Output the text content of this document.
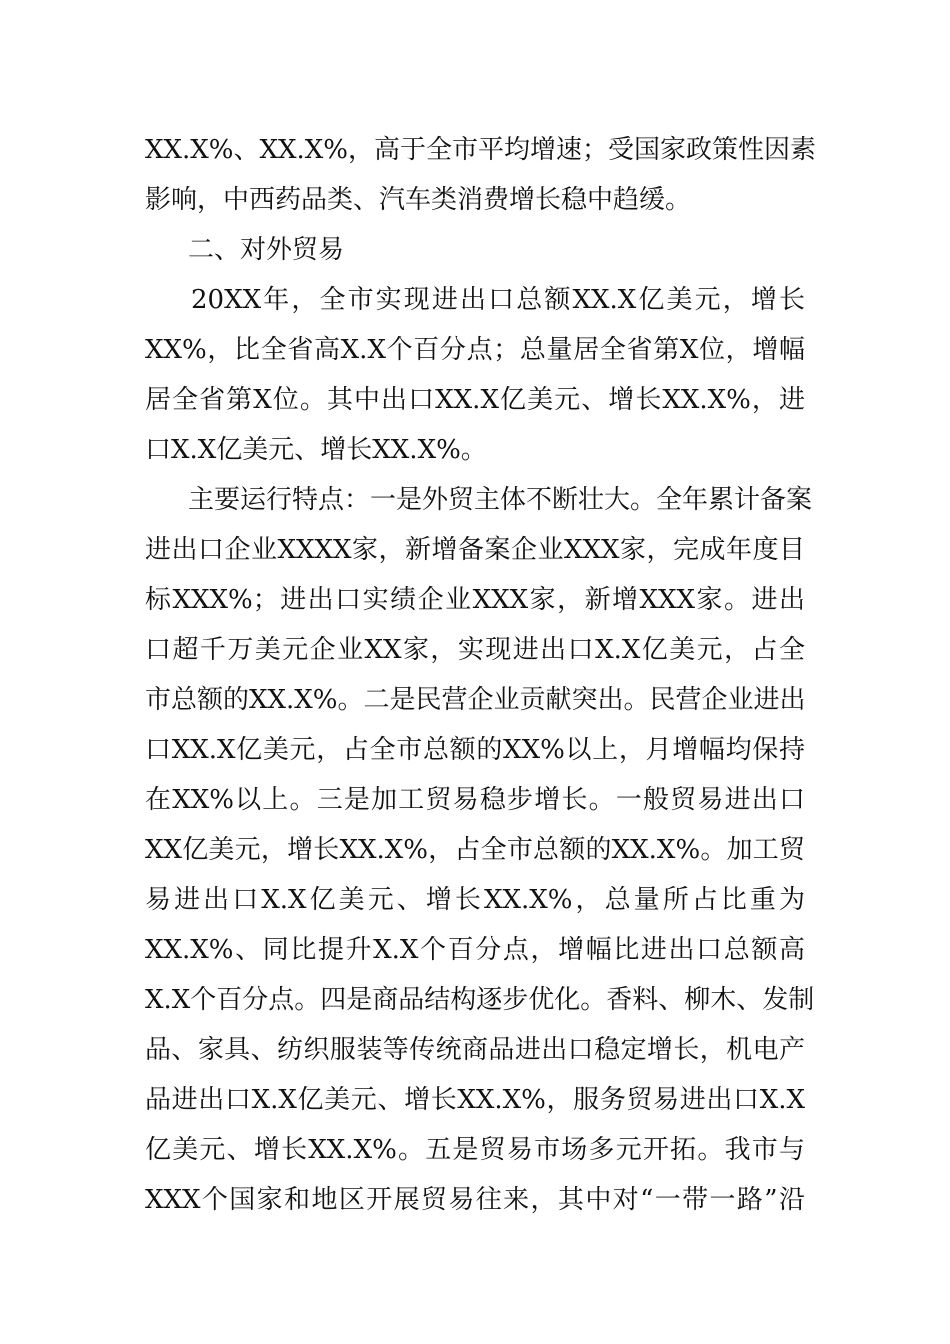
XX.X%、XX.X%，高于全市平均增速；受国家政策性因素
影响，中西药品类、汽车类消费增长稳中趋缓。
二、对外贸易
20XX年，全市实现进出口总额XX.X亿美元，增长
XX%，比全省高X.X个百分点；总量居全省第X位，增幅
居全省第X位。其中出口XX.X亿美元、增长XX.X%，进
口X.X亿美元、增长XX.X%。
主要运行特点：一是外贸主体不断壮大。全年累计备案
进出口企业XXXX家，新增备案企业XXX家，完成年度目
标XXX%；进出口实绩企业XXX家，新增XXX家。进出
口超千万美元企业XX家，实现进出口X.X亿美元，占全
市总额的XX.X%。二是民营企业贡献突出。民营企业进出
口XX.X亿美元，占全市总额的XX%以上，月增幅均保持
在XX%以上。三是加工贸易稳步增长。一般贸易进出口
XX亿美元，增长XX.X%，占全市总额的XX.X%。加工贸
易进出口X.X亿美元、增长XX.X%，总量所占比重为
XX.X%、同比提升X.X个百分点，增幅比进出口总额高
X.X个百分点。四是商品结构逐步优化。香料、柳木、发制
品、家具、纺织服装等传统商品进出口稳定增长，机电产
品进出口X.X亿美元、增长XX.X%，服务贸易进出口X.X
亿美元、增长XX.X%。五是贸易市场多元开拓。我市与
XXX个国家和地区开展贸易往来，其中对“一带一路”沿
